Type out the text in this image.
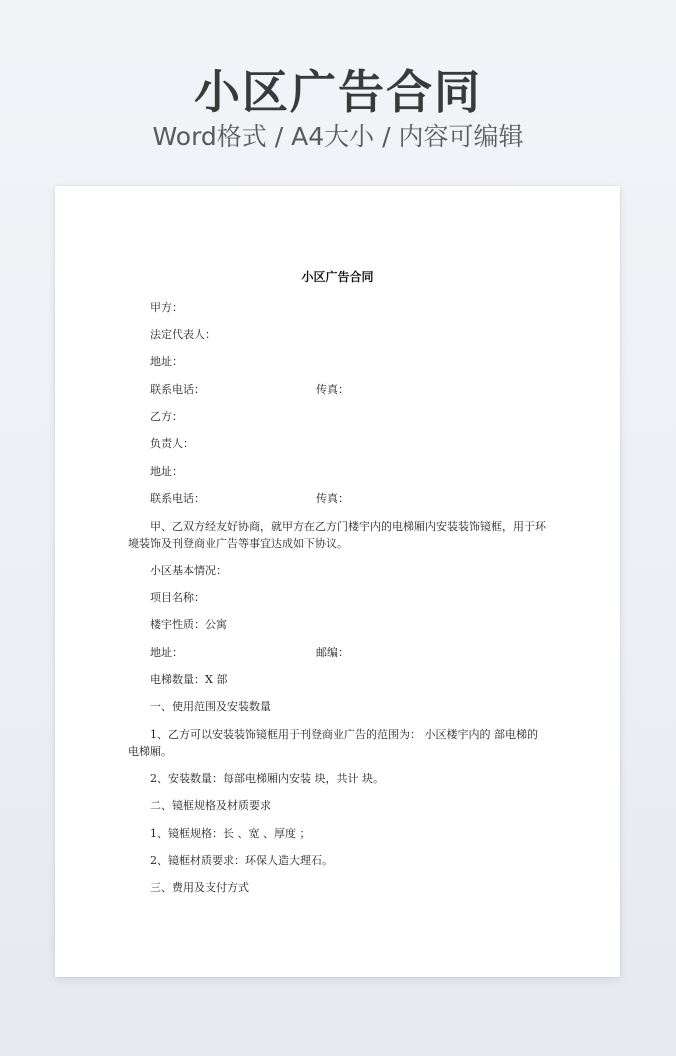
小区广告合同
Word格式 / A4大小 / 内容可编辑
小区广告合同
甲方：
法定代表人：
地址：
联系电话：	传真：
乙方：
负责人：
地址：
联系电话：	传真：
甲、乙双方经友好协商，就甲方在乙方门楼宇内的电梯厢内安装装饰镜框，用于环境装饰及刊登商业广告等事宜达成如下协议。
小区基本情况：
项目名称：
楼宇性质：公寓
地址：	邮编：
电梯数量：X 部
一、使用范围及安装数量
1、乙方可以安装装饰镜框用于刊登商业广告的范围为： 小区楼宇内的 部电梯的电梯厢。
2、安装数量：每部电梯厢内安装 块，共计 块。
二、镜框规格及材质要求
1、镜框规格：长 、宽 、厚度 ；
2、镜框材质要求：环保人造大理石。
三、费用及支付方式
